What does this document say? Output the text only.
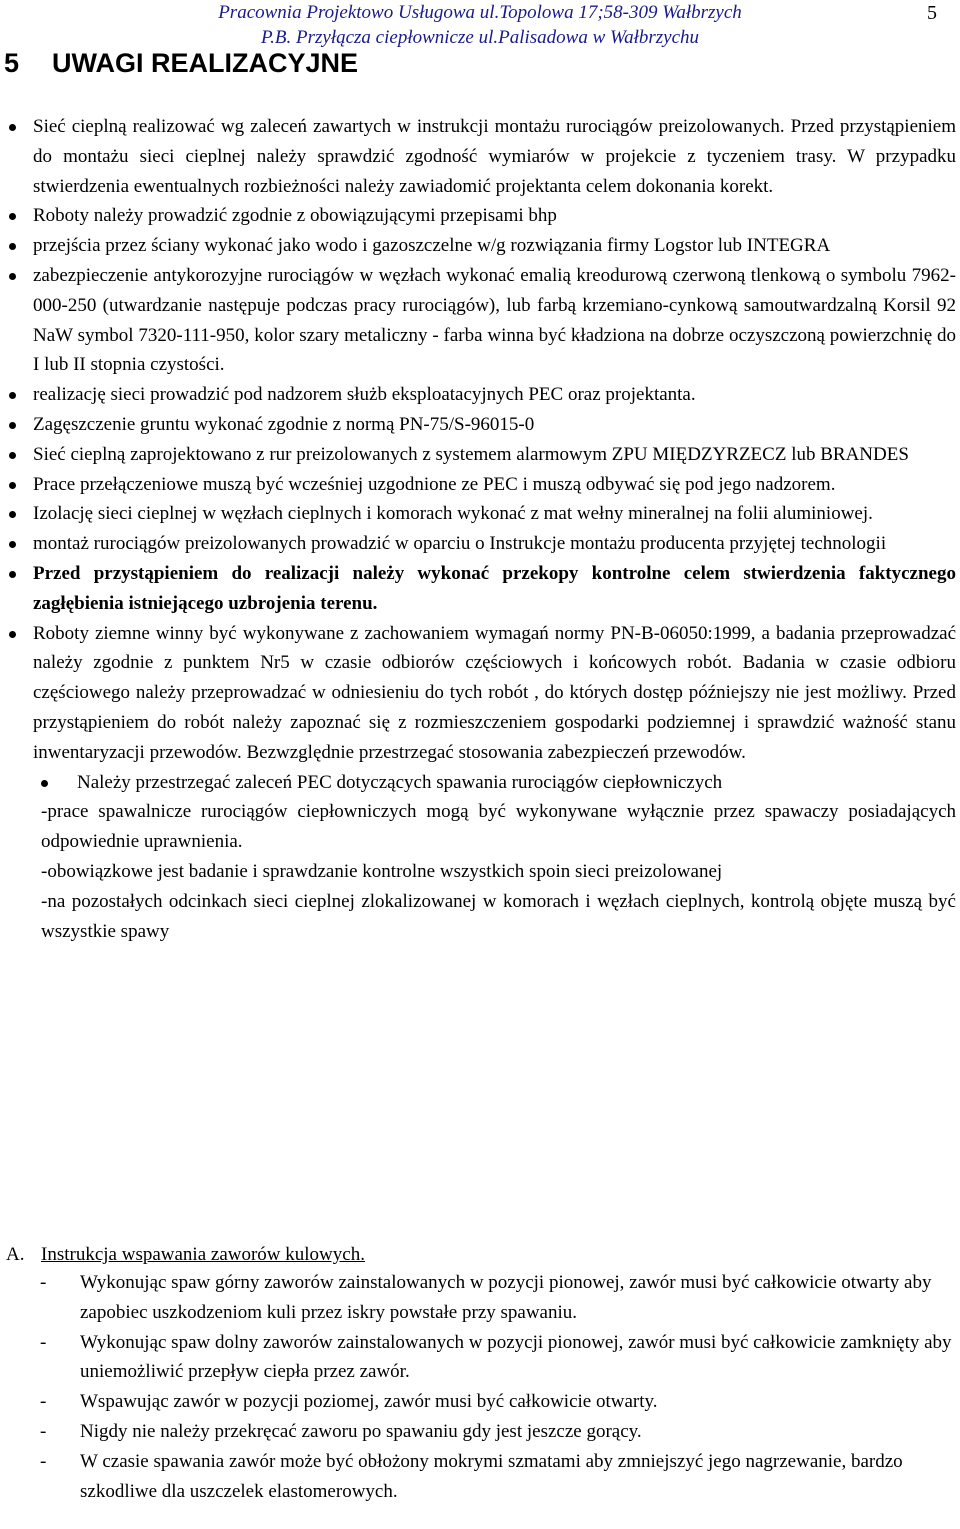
Pracownia Projektowo Usługowa ul.Topolowa 17;58-309 Wałbrzych
P.B. Przyłącza ciepłownicze ul.Palisadowa w Wałbrzychu
5
5 UWAGI REALIZACYJNE
Sieć cieplną realizować wg zaleceń zawartych w instrukcji montażu rurociągów preizolowanych. Przed przystąpieniem do montażu sieci cieplnej należy sprawdzić zgodność wymiarów w projekcie z tyczeniem trasy. W przypadku stwierdzenia ewentualnych rozbieżności należy zawiadomić projektanta celem dokonania korekt.
Roboty należy prowadzić zgodnie z obowiązującymi przepisami bhp
przejścia przez ściany wykonać jako wodo i gazoszczelne w/g rozwiązania firmy Logstor lub INTEGRA
zabezpieczenie antykorozyjne rurociągów w węzłach wykonać emalią kreodurową czerwoną tlenkową o symbolu 7962-000-250 (utwardzanie następuje podczas pracy rurociągów), lub farbą krzemiano-cynkową samoutwardzalną Korsil 92 NaW symbol 7320-111-950, kolor szary metaliczny - farba winna być kładziona na dobrze oczyszczoną powierzchnię do I lub II stopnia czystości.
realizację sieci prowadzić pod nadzorem służb eksploatacyjnych PEC oraz projektanta.
Zagęszczenie gruntu wykonać zgodnie z normą PN-75/S-96015-0
Sieć cieplną zaprojektowano z rur preizolowanych z systemem alarmowym ZPU MIĘDZYRZECZ lub BRANDES
Prace przełączeniowe muszą być wcześniej uzgodnione ze PEC i muszą odbywać się pod jego nadzorem.
Izolację sieci cieplnej w węzłach cieplnych i komorach wykonać z mat wełny mineralnej na folii aluminiowej.
montaż rurociągów preizolowanych prowadzić w oparciu o Instrukcje montażu producenta przyjętej technologii
Przed przystąpieniem do realizacji należy wykonać przekopy kontrolne celem stwierdzenia faktycznego zagłębienia istniejącego uzbrojenia terenu.
Roboty ziemne winny być wykonywane z zachowaniem wymagań normy PN-B-06050:1999, a badania przeprowadzać należy zgodnie z punktem Nr5 w czasie odbiorów częściowych i końcowych robót. Badania w czasie odbioru częściowego należy przeprowadzać w odniesieniu do tych robót , do których dostęp późniejszy nie jest możliwy. Przed przystąpieniem do robót należy zapoznać się z rozmieszczeniem gospodarki podziemnej i sprawdzić ważność stanu inwentaryzacji przewodów. Bezwzględnie przestrzegać stosowania zabezpieczeń przewodów.
Należy przestrzegać zaleceń PEC dotyczących spawania rurociągów ciepłowniczych
-prace spawalnicze rurociągów ciepłowniczych mogą być wykonywane wyłącznie przez spawaczy posiadających odpowiednie uprawnienia.
-obowiązkowe jest badanie i sprawdzanie kontrolne wszystkich spoin sieci preizolowanej
-na pozostałych odcinkach sieci cieplnej zlokalizowanej w komorach i węzłach cieplnych, kontrolą objęte muszą być wszystkie spawy
A. Instrukcja wspawania zaworów kulowych.
- Wykonując spaw górny zaworów zainstalowanych w pozycji pionowej, zawór musi być całkowicie otwarty aby zapobiec uszkodzeniom kuli przez iskry powstałe przy spawaniu.
- Wykonując spaw dolny zaworów zainstalowanych w pozycji pionowej, zawór musi być całkowicie zamknięty aby uniemożliwić przepływ ciepła przez zawór.
- Wspawując zawór w pozycji poziomej, zawór musi być całkowicie otwarty.
- Nigdy nie należy przekręcać zaworu po spawaniu gdy jest jeszcze gorący.
- W czasie spawania zawór może być obłożony mokrymi szmatami aby zmniejszyć jego nagrzewanie, bardzo szkodliwe dla uszczelek elastomerowych.
